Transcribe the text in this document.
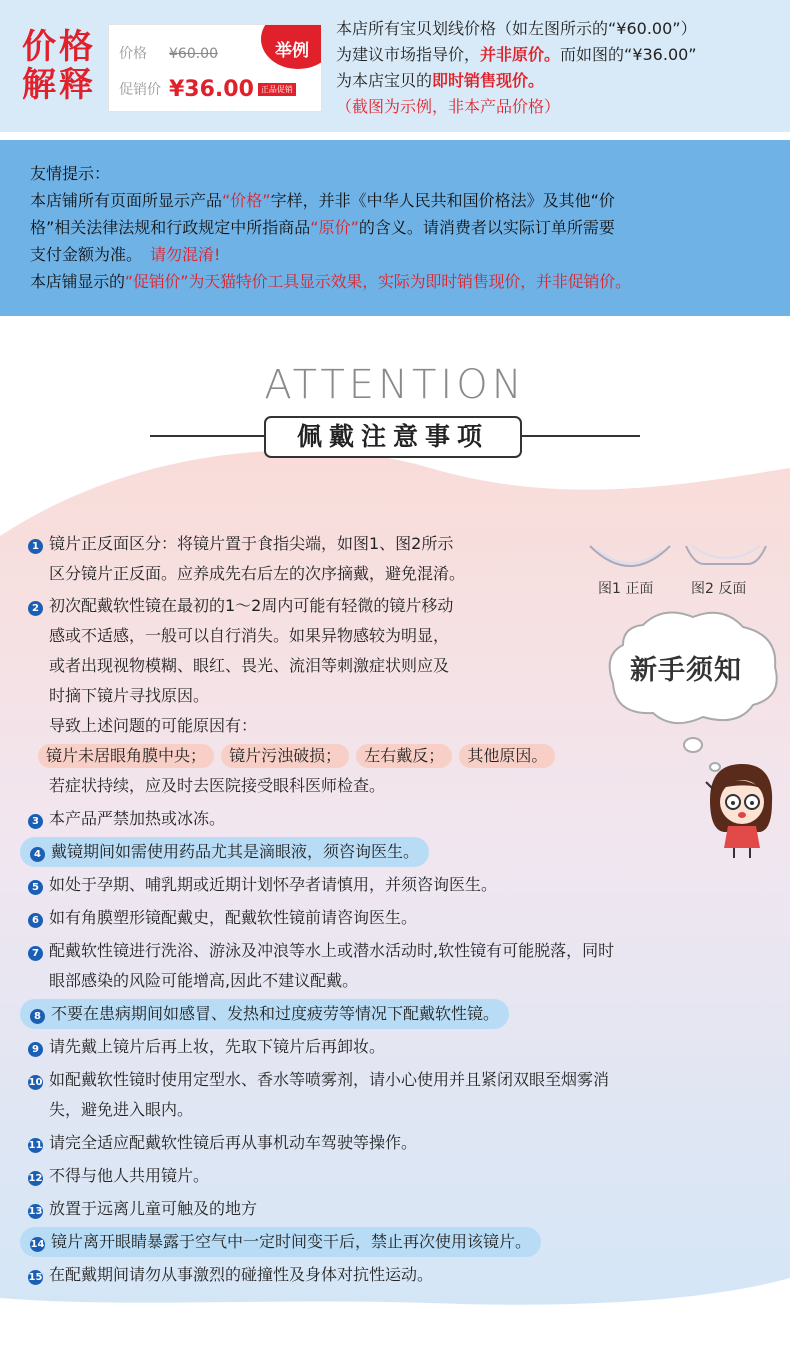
价格解释
价格 ¥60.00
促销价 ¥36.00 正品促销
举例
本店所有宝贝划线价格（如左图所示的“¥60.00”）
为建议市场指导价，并非原价。而如图的“¥36.00”
为本店宝贝的即时销售现价。
（截图为示例，非本产品价格）
友情提示：
本店铺所有页面所显示产品“价格”字样，并非《中华人民共和国价格法》及其他“价
格”相关法律法规和行政规定中所指商品“原价”的含义。请消费者以实际订单所需要
支付金额为准。 请勿混淆!
本店铺显示的“促销价”为天猫特价工具显示效果，实际为即时销售现价，并非促销价。
ATTENTION
佩戴注意事项
图1 正面	图2 反面
新手须知
1 镜片正反面区分：将镜片置于食指尖端，如图1、图2所示
区分镜片正反面。应养成先右后左的次序摘戴，避免混淆。
2 初次配戴软性镜在最初的1～2周内可能有轻微的镜片移动
感或不适感，一般可以自行消失。如果异物感较为明显，
或者出现视物模糊、眼红、畏光、流泪等刺激症状则应及
时摘下镜片寻找原因。
导致上述问题的可能原因有：
镜片未居眼角膜中央； 镜片污浊破损； 左右戴反； 其他原因。
若症状持续，应及时去医院接受眼科医师检查。
3 本产品严禁加热或冰冻。
4 戴镜期间如需使用药品尤其是滴眼液，须咨询医生。
5 如处于孕期、哺乳期或近期计划怀孕者请慎用，并须咨询医生。
6 如有角膜塑形镜配戴史，配戴软性镜前请咨询医生。
7 配戴软性镜进行洗浴、游泳及冲浪等水上或潜水活动时,软性镜有可能脱落，同时
眼部感染的风险可能增高,因此不建议配戴。
8 不要在患病期间如感冒、发热和过度疲劳等情况下配戴软性镜。
9 请先戴上镜片后再上妆，先取下镜片后再卸妆。
10 如配戴软性镜时使用定型水、香水等喷雾剂，请小心使用并且紧闭双眼至烟雾消
失，避免进入眼内。
11 请完全适应配戴软性镜后再从事机动车驾驶等操作。
12 不得与他人共用镜片。
13 放置于远离儿童可触及的地方
14 镜片离开眼睛暴露于空气中一定时间变干后，禁止再次使用该镜片。
15 在配戴期间请勿从事激烈的碰撞性及身体对抗性运动。
